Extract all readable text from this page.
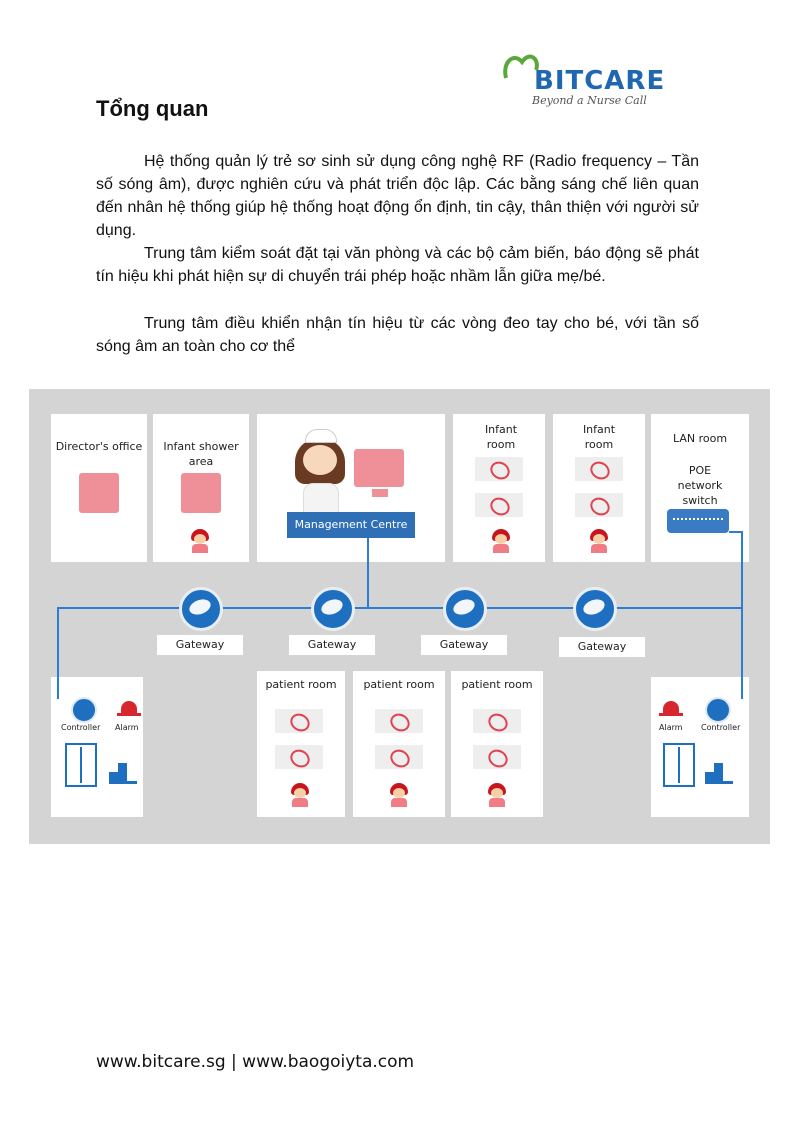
BITCARE
Beyond a Nurse Call
Tổng quan

Hệ thống quản lý trẻ sơ sinh sử dụng công nghệ RF (Radio frequency – Tần số sóng âm), được nghiên cứu và phát triển độc lập. Các bằng sáng chế liên quan đến nhân hệ thống giúp hệ thống hoạt động ổn định, tin cậy, thân thiện với người sử dụng.

Trung tâm kiểm soát đặt tại văn phòng và các bộ cảm biến, báo động sẽ phát tín hiệu khi phát hiện sự di chuyển trái phép hoặc nhầm lẫn giữa mẹ/bé.

Trung tâm điều khiển nhận tín hiệu từ các vòng đeo tay cho bé, với tần số sóng âm an toàn cho cơ thể

Director's office	Infant shower area
Infant room
Infant room	LAN room
POE network switch
Management Centre
Gateway	Gateway	Gateway	Gateway
patient room	patient room	patient room
Controller Alarm	Alarm Controller
www.bitcare.sg | www.baogoiyta.com
